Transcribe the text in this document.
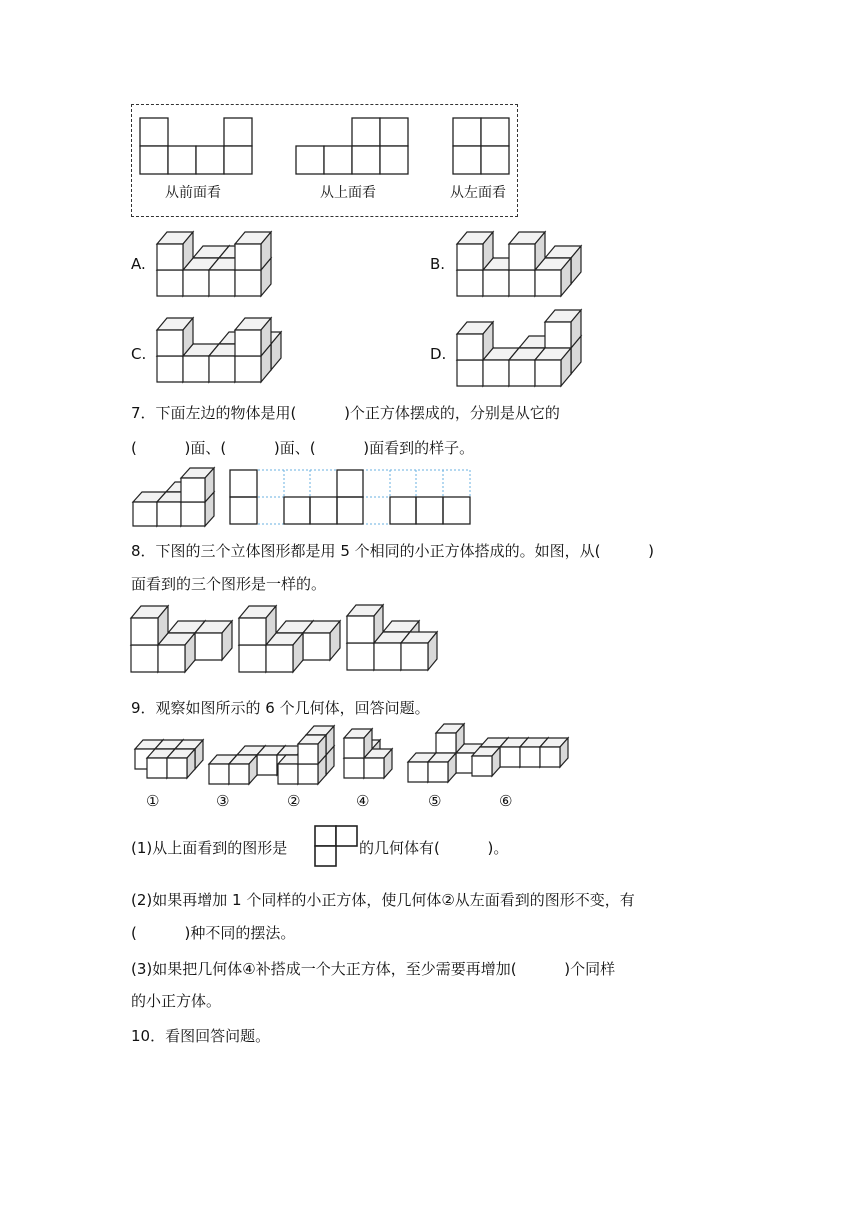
从前面看	从上面看	从左面看
A.	B.
C.	D.
7．下面左边的物体是用(          )个正方体摆成的，分别是从它的
(          )面、(          )面、(          )面看到的样子。
8．下图的三个立体图形都是用 5 个相同的小正方体搭成的。如图，从(          )
面看到的三个图形是一样的。
9．观察如图所示的 6 个几何体，回答问题。
①	③	②	④	⑤	⑥
(1)从上面看到的图形是	的几何体有(          )。
(2)如果再增加 1 个同样的小正方体，使几何体②从左面看到的图形不变，有
(          )种不同的摆法。
(3)如果把几何体④补搭成一个大正方体，至少需要再增加(          )个同样
的小正方体。
10．看图回答问题。
